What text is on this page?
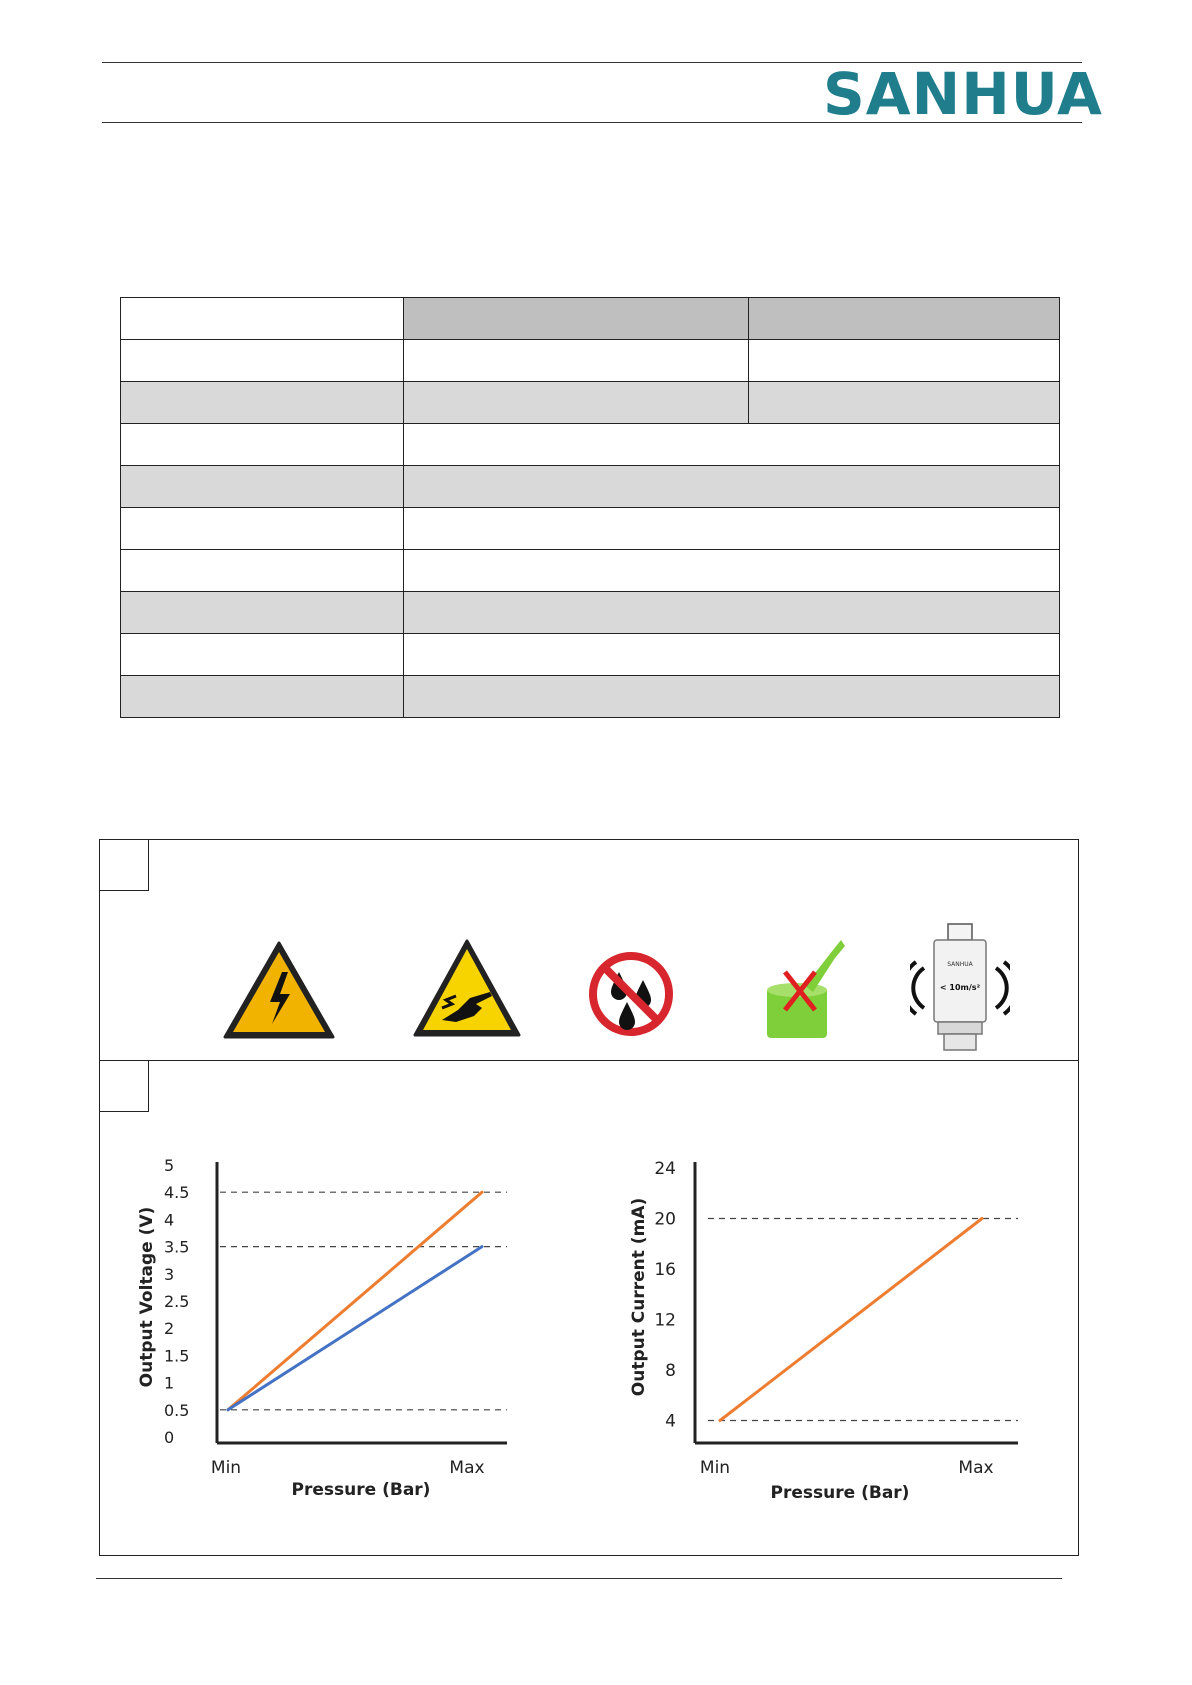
SANHUA

SANHUA
< 10m/s²
0
0.5
1
1.5
2
2.5
3
3.5
4
4.5
5
Min	Max
Pressure (Bar)
Output Voltage (V)
4
8
12
16
20
24
Min	Max
Pressure (Bar)
Output Current (mA)
